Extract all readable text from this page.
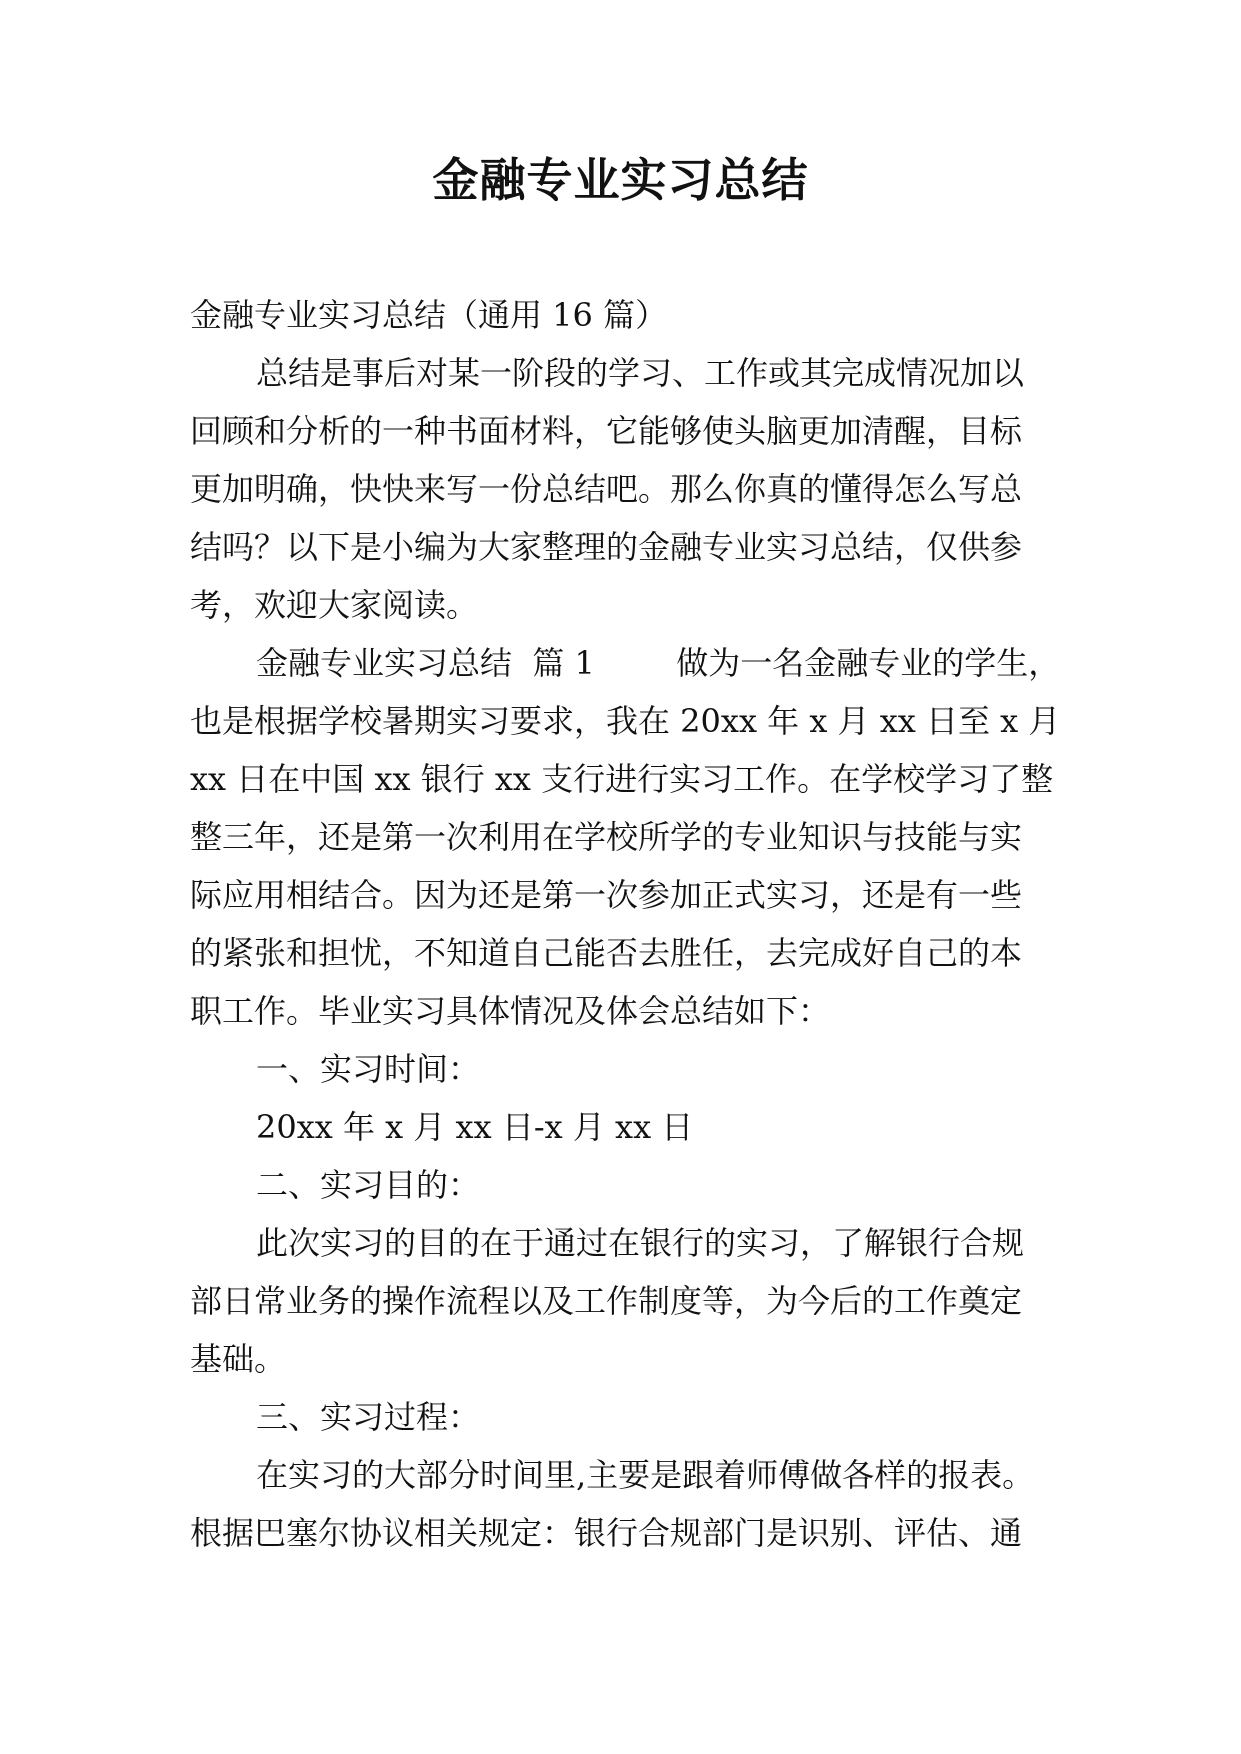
金融专业实习总结

金融专业实习总结（通用 16 篇）

总结是事后对某一阶段的学习、工作或其完成情况加以

回顾和分析的一种书面材料，它能够使头脑更加清醒，目标

更加明确，快快来写一份总结吧。那么你真的懂得怎么写总

结吗？以下是小编为大家整理的金融专业实习总结，仅供参

考，欢迎大家阅读。

金融专业实习总结  篇 1        做为一名金融专业的学生，

也是根据学校暑期实习要求，我在 20xx 年 x 月 xx 日至 x 月

xx 日在中国 xx 银行 xx 支行进行实习工作。在学校学习了整

整三年，还是第一次利用在学校所学的专业知识与技能与实

际应用相结合。因为还是第一次参加正式实习，还是有一些

的紧张和担忧，不知道自己能否去胜任，去完成好自己的本

职工作。毕业实习具体情况及体会总结如下：

一、实习时间：

20xx 年 x 月 xx 日-x 月 xx 日

二、实习目的：

此次实习的目的在于通过在银行的实习，了解银行合规

部日常业务的操作流程以及工作制度等，为今后的工作奠定

基础。

三、实习过程：

在实习的大部分时间里,主要是跟着师傅做各样的报表。

根据巴塞尔协议相关规定：银行合规部门是识别、评估、通
